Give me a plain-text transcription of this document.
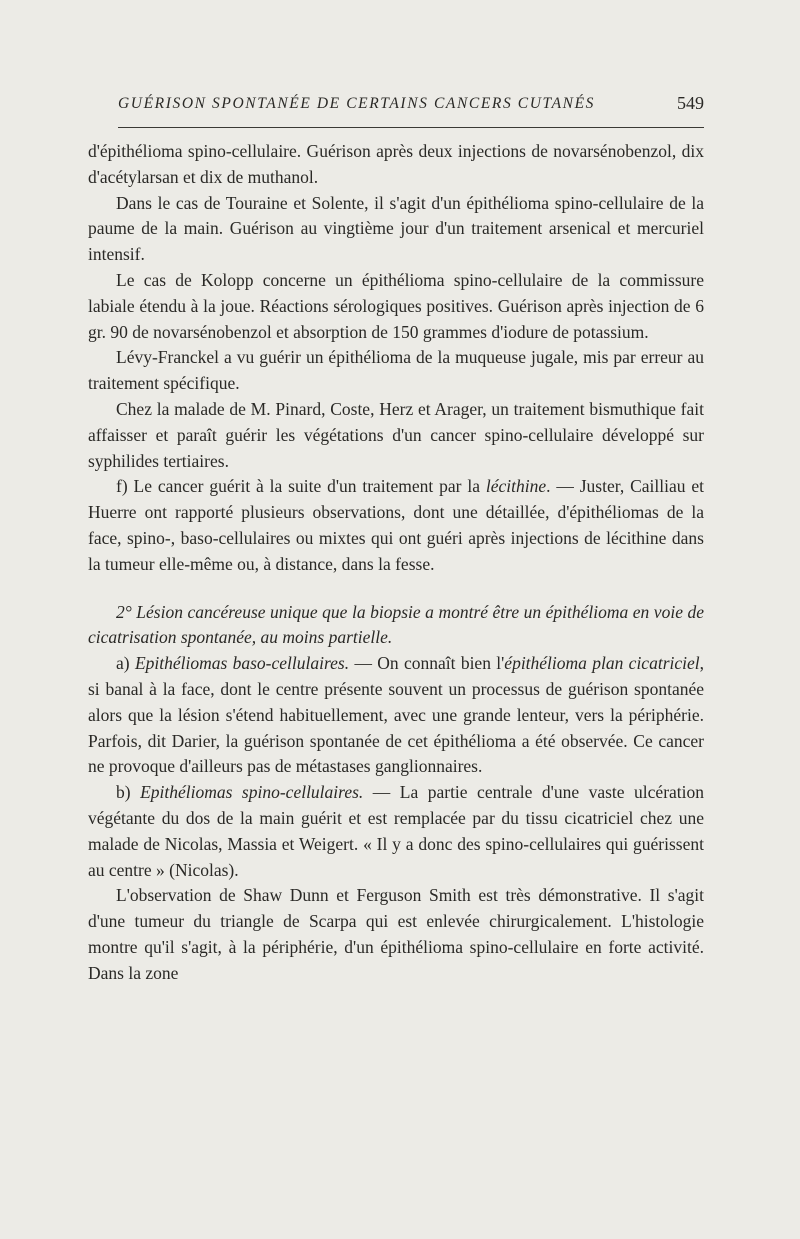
GUÉRISON SPONTANÉE DE CERTAINS CANCERS CUTANÉS	549

d'épithélioma spino-cellulaire. Guérison après deux injections de novarsénobenzol, dix d'acétylarsan et dix de muthanol.

Dans le cas de Touraine et Solente, il s'agit d'un épithélioma spino-cellulaire de la paume de la main. Guérison au vingtième jour d'un traitement arsenical et mercuriel intensif.

Le cas de Kolopp concerne un épithélioma spino-cellulaire de la commissure labiale étendu à la joue. Réactions sérologiques positives. Guérison après injection de 6 gr. 90 de novarsénobenzol et absorption de 150 grammes d'iodure de potassium.

Lévy-Franckel a vu guérir un épithélioma de la muqueuse jugale, mis par erreur au traitement spécifique.

Chez la malade de M. Pinard, Coste, Herz et Arager, un traitement bismuthique fait affaisser et paraît guérir les végétations d'un cancer spino-cellulaire développé sur syphilides tertiaires.

f) Le cancer guérit à la suite d'un traitement par la lécithine. — Juster, Cailliau et Huerre ont rapporté plusieurs observations, dont une détaillée, d'épithéliomas de la face, spino-, baso-cellulaires ou mixtes qui ont guéri après injections de lécithine dans la tumeur elle-même ou, à distance, dans la fesse.

2° Lésion cancéreuse unique que la biopsie a montré être un épithélioma en voie de cicatrisation spontanée, au moins partielle.

a) Epithéliomas baso-cellulaires. — On connaît bien l'épithélioma plan cicatriciel, si banal à la face, dont le centre présente souvent un processus de guérison spontanée alors que la lésion s'étend habituellement, avec une grande lenteur, vers la périphérie. Parfois, dit Darier, la guérison spontanée de cet épithélioma a été observée. Ce cancer ne provoque d'ailleurs pas de métastases ganglionnaires.

b) Epithéliomas spino-cellulaires. — La partie centrale d'une vaste ulcération végétante du dos de la main guérit et est remplacée par du tissu cicatriciel chez une malade de Nicolas, Massia et Weigert. « Il y a donc des spino-cellulaires qui guérissent au centre » (Nicolas).

L'observation de Shaw Dunn et Ferguson Smith est très démonstrative. Il s'agit d'une tumeur du triangle de Scarpa qui est enlevée chirurgicalement. L'histologie montre qu'il s'agit, à la périphérie, d'un épithélioma spino-cellulaire en forte activité. Dans la zone
